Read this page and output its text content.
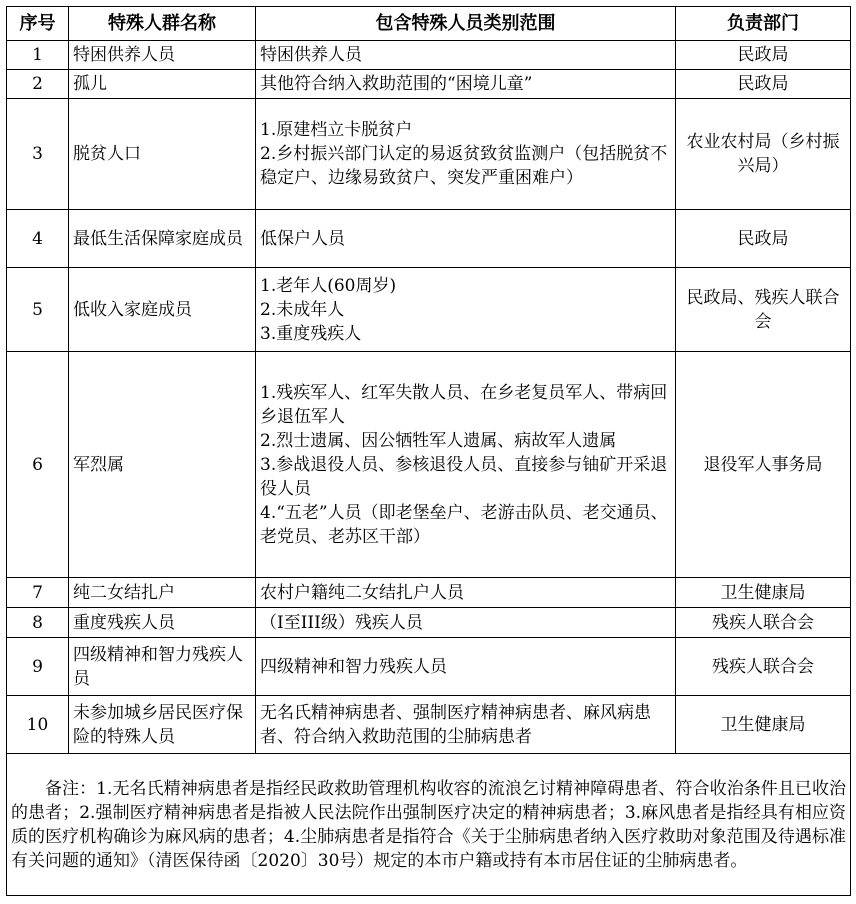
序号	特殊人群名称	包含特殊人员类别范围	负责部门
1	特困供养人员	特困供养人员	民政局
2	孤儿	其他符合纳入救助范围的“困境儿童”	民政局
3	脱贫人口	1.原建档立卡脱贫户
2.乡村振兴部门认定的易返贫致贫监测户（包括脱贫不稳定户、边缘易致贫户、突发严重困难户）	农业农村局（乡村振兴局）
4	最低生活保障家庭成员	低保户人员	民政局
5	低收入家庭成员	1.老年人(60周岁)
2.未成年人
3.重度残疾人	民政局、残疾人联合会
6	军烈属	1.残疾军人、红军失散人员、在乡老复员军人、带病回乡退伍军人
2.烈士遗属、因公牺牲军人遗属、病故军人遗属
3.参战退役人员、参核退役人员、直接参与铀矿开采退役人员
4.“五老”人员（即老堡垒户、老游击队员、老交通员、老党员、老苏区干部）	退役军人事务局
7	纯二女结扎户	农村户籍纯二女结扎户人员	卫生健康局
8	重度残疾人员	（Ⅰ至III级）残疾人员	残疾人联合会
9	四级精神和智力残疾人员	四级精神和智力残疾人员	残疾人联合会
10	未参加城乡居民医疗保险的特殊人员	无名氏精神病患者、强制医疗精神病患者、麻风病患者、符合纳入救助范围的尘肺病患者	卫生健康局

备注：1.无名氏精神病患者是指经民政救助管理机构收容的流浪乞讨精神障碍患者、符合收治条件且已收治的患者；2.强制医疗精神病患者是指被人民法院作出强制医疗决定的精神病患者；3.麻风患者是指经具有相应资质的医疗机构确诊为麻风病的患者；4.尘肺病患者是指符合《关于尘肺病患者纳入医疗救助对象范围及待遇标准有关问题的通知》（清医保待函〔2020〕30号）规定的本市户籍或持有本市居住证的尘肺病患者。			
